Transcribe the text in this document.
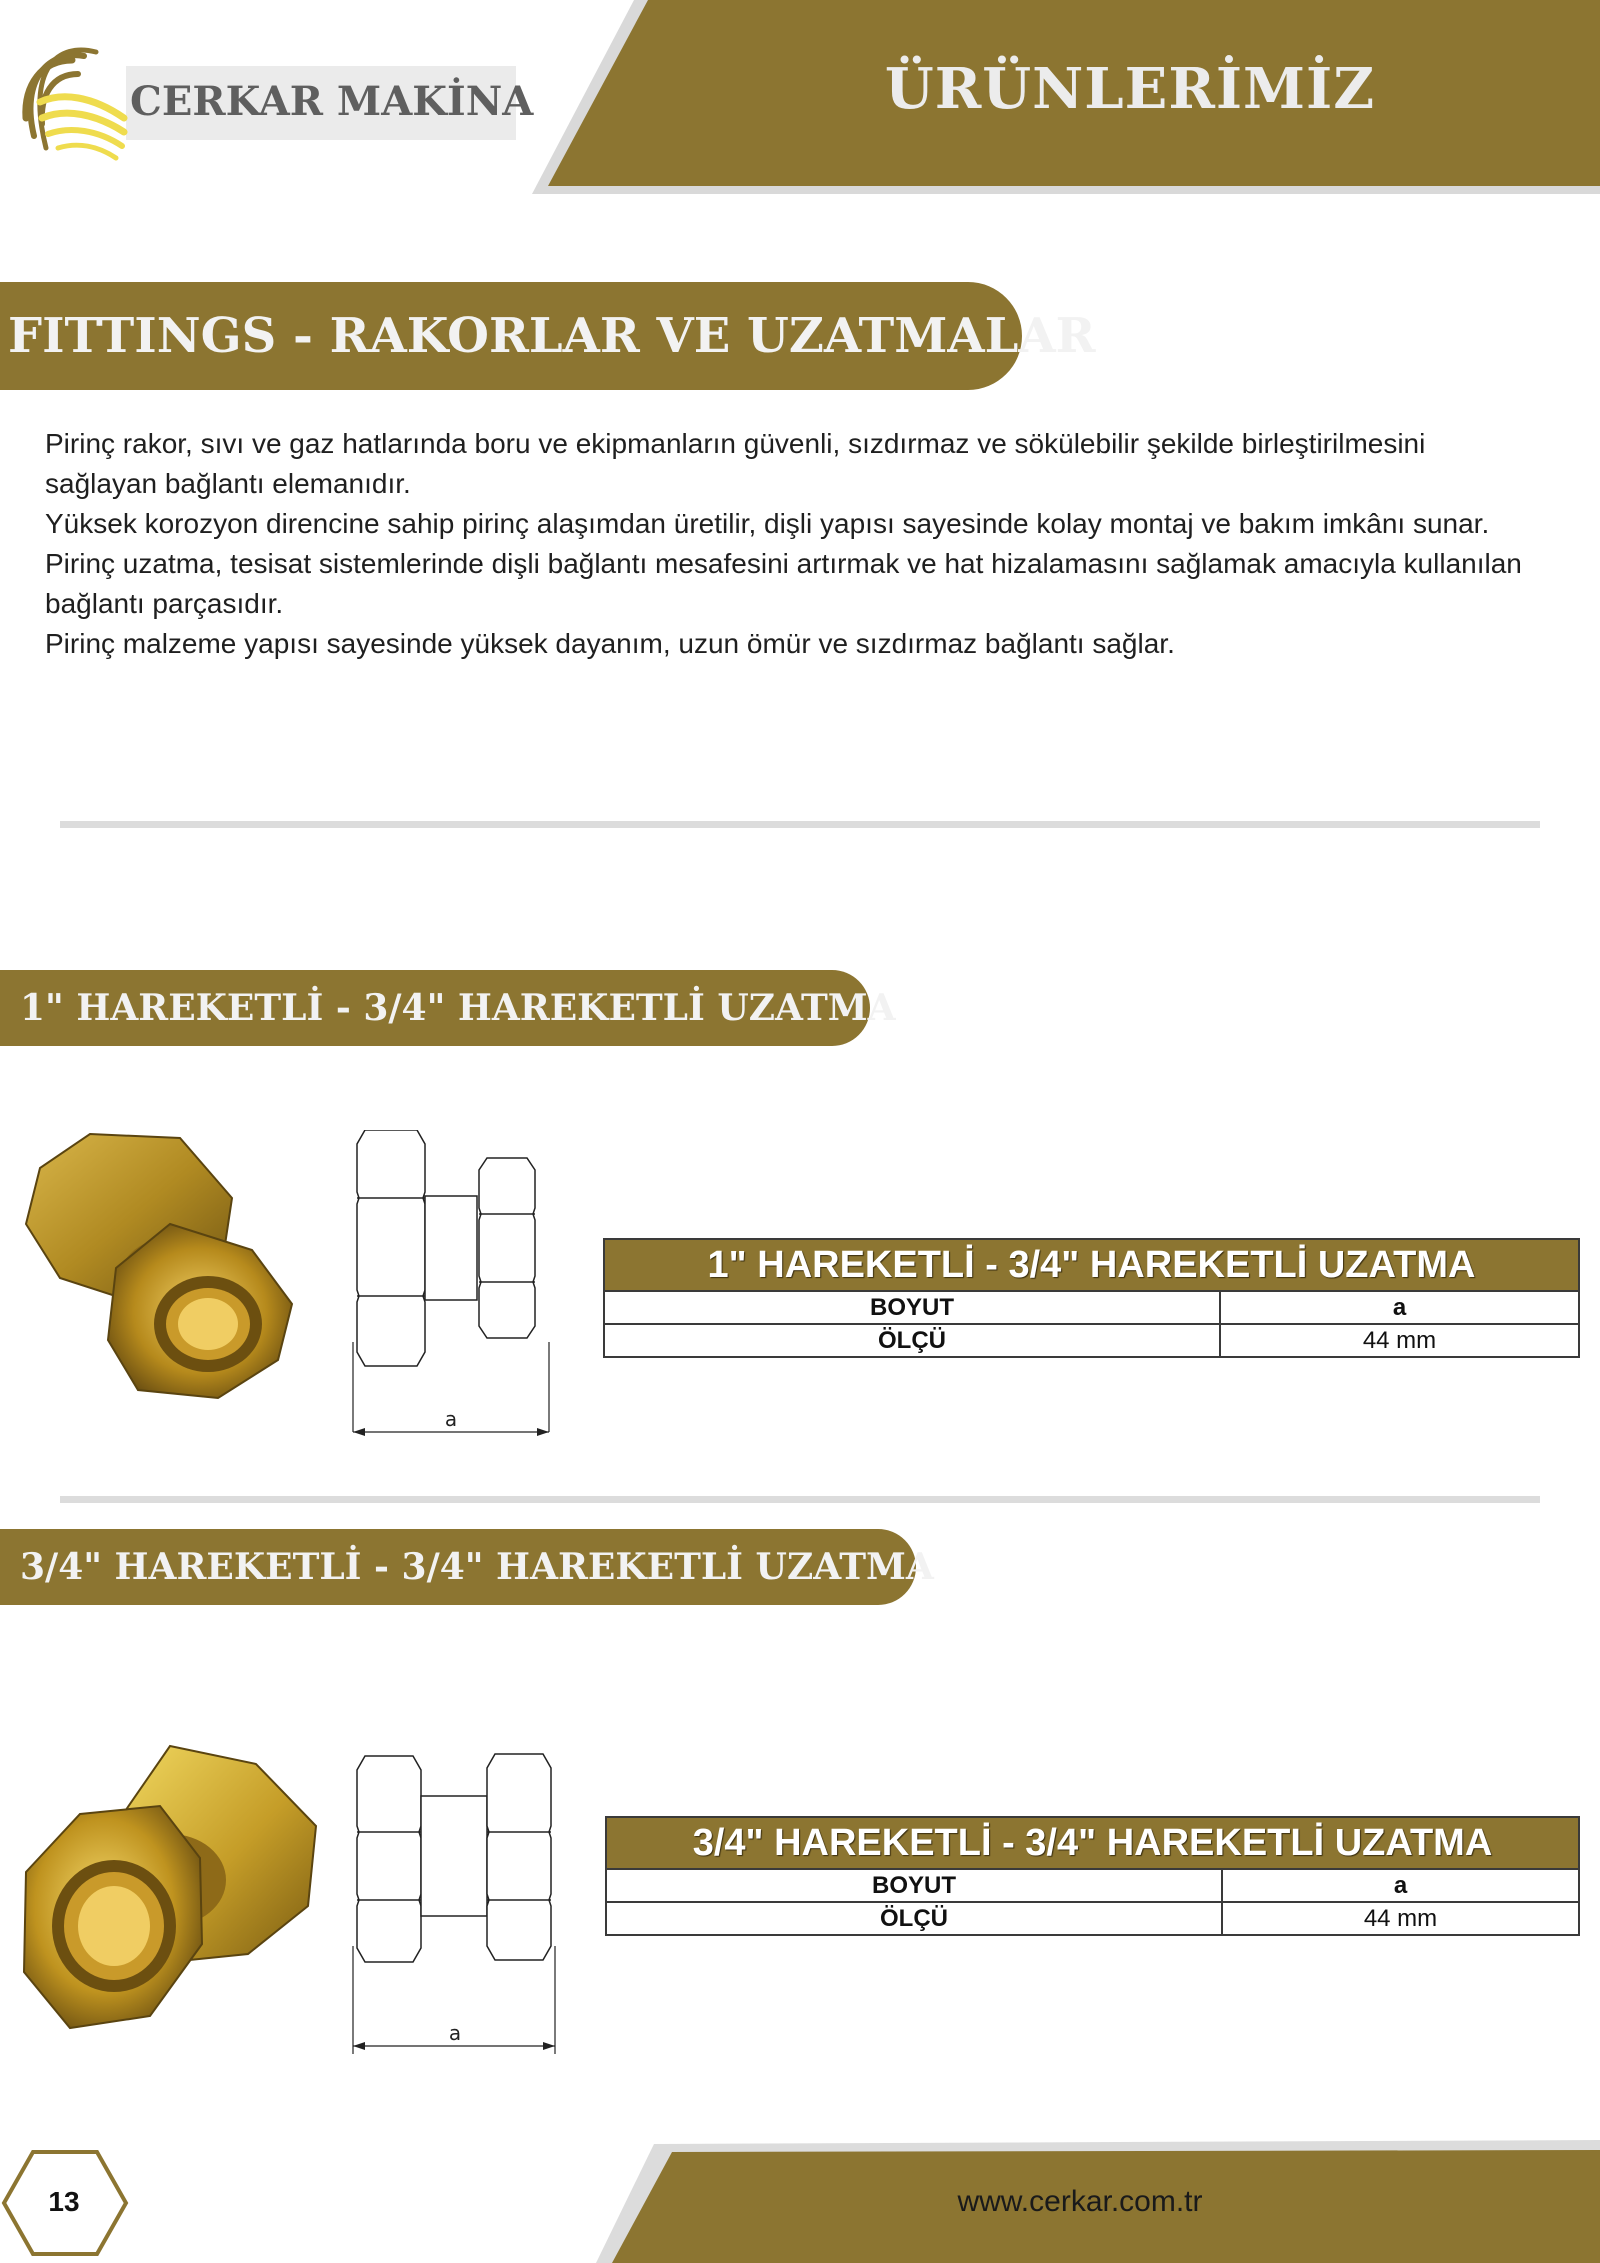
CERKAR MAKİNA	ÜRÜNLERİMİZ
FITTINGS - RAKORLAR VE UZATMALAR

Pirinç rakor, sıvı ve gaz hatlarında boru ve ekipmanların güvenli, sızdırmaz ve sökülebilir şekilde birleştirilmesini sağlayan bağlantı elemanıdır.

Yüksek korozyon direncine sahip pirinç alaşımdan üretilir, dişli yapısı sayesinde kolay montaj ve bakım imkânı sunar.

Pirinç uzatma, tesisat sistemlerinde dişli bağlantı mesafesini artırmak ve hat hizalamasını sağlamak amacıyla kullanılan bağlantı parçasıdır.

Pirinç malzeme yapısı sayesinde yüksek dayanım, uzun ömür ve sızdırmaz bağlantı sağlar.

1" HAREKETLİ - 3/4" HAREKETLİ UZATMA
a
1" HAREKETLİ - 3/4" HAREKETLİ UZATMA
BOYUT	a
ÖLÇÜ	44 mm
3/4" HAREKETLİ - 3/4" HAREKETLİ UZATMA
a
3/4" HAREKETLİ - 3/4" HAREKETLİ UZATMA
BOYUT	a
ÖLÇÜ	44 mm
13	www.cerkar.com.tr
